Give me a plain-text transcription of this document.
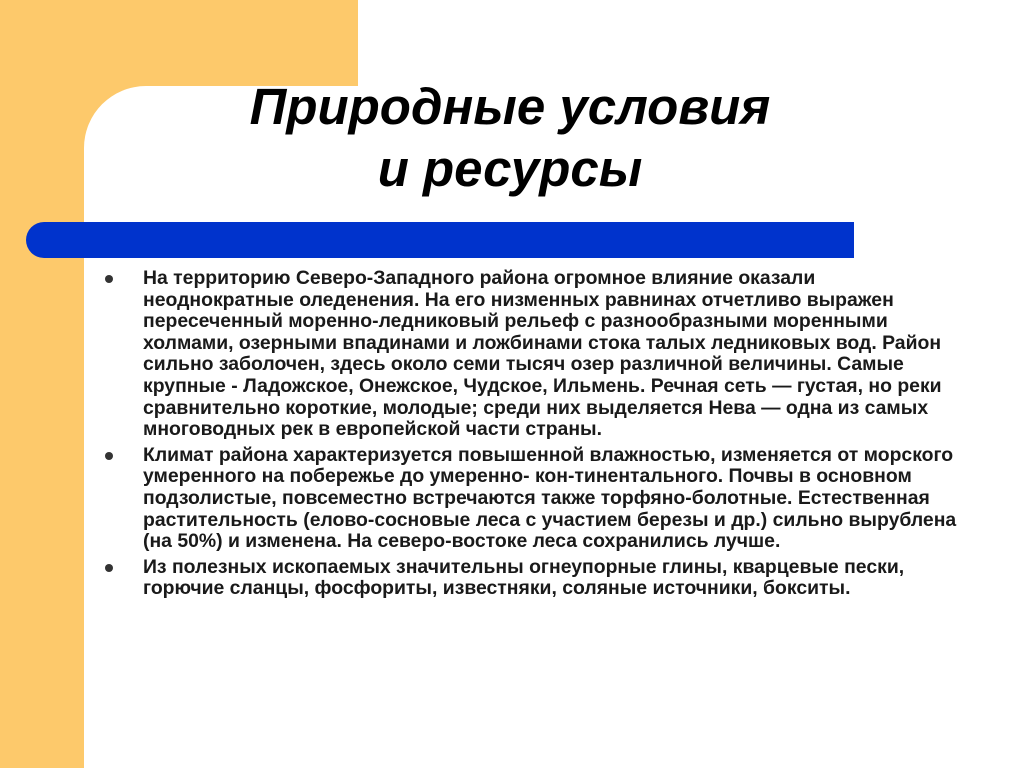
Природные условия
и ресурсы
На территорию Северо-Западного района огромное влияние оказали неоднократные оледенения. На его низменных равнинах отчетливо выражен пересеченный моренно-ледниковый рельеф с разнообразными моренными холмами, озерными впадинами и ложбинами стока талых ледниковых вод. Район сильно заболочен, здесь около семи тысяч озер различной величины. Самые крупные - Ладожское, Онежское, Чудское, Ильмень. Речная сеть — густая, но реки сравнительно короткие, молодые; среди них выделяется Нева — одна из самых многоводных рек в европейской части страны.
Климат района характеризуется повышенной влажностью, изменяется от морского умеренного на побережье до умеренно- кон-тинентального. Почвы в основном подзолистые, повсеместно встречаются также торфяно-болотные. Естественная растительность (елово-сосновые леса с участием березы и др.) сильно вырублена (на 50%) и изменена. На северо-востоке леса сохранились лучше.
Из полезных ископаемых значительны огнеупорные глины, кварцевые пески, горючие сланцы, фосфориты, известняки, соляные источники, бокситы.
